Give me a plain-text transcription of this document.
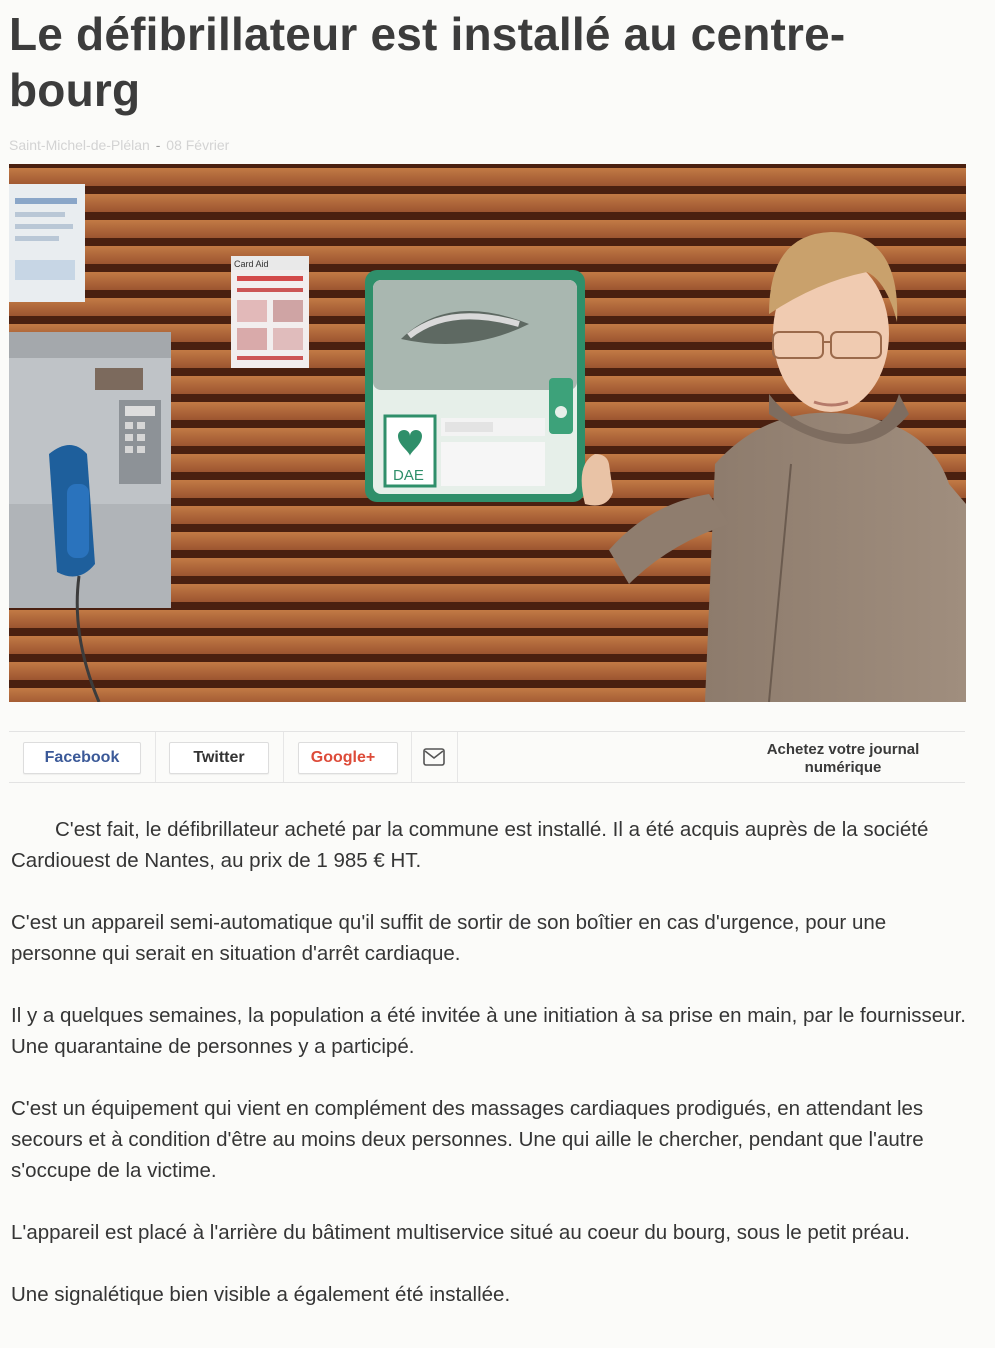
Le défibrillateur est installé au centre-bourg
Saint-Michel-de-Plélan - 08 Février
Card Aid
DAE
Facebook	Twitter	Google+	Achetez votre journal numérique

C'est fait, le défibrillateur acheté par la commune est installé. Il a été acquis auprès de la société Cardiouest de Nantes, au prix de 1 985 € HT.

C'est un appareil semi-automatique qu'il suffit de sortir de son boîtier en cas d'urgence, pour une personne qui serait en situation d'arrêt cardiaque.

Il y a quelques semaines, la population a été invitée à une initiation à sa prise en main, par le fournisseur. Une quarantaine de personnes y a participé.

C'est un équipement qui vient en complément des massages cardiaques prodigués, en attendant les secours et à condition d'être au moins deux personnes. Une qui aille le chercher, pendant que l'autre s'occupe de la victime.

L'appareil est placé à l'arrière du bâtiment multiservice situé au coeur du bourg, sous le petit préau.

Une signalétique bien visible a également été installée.
